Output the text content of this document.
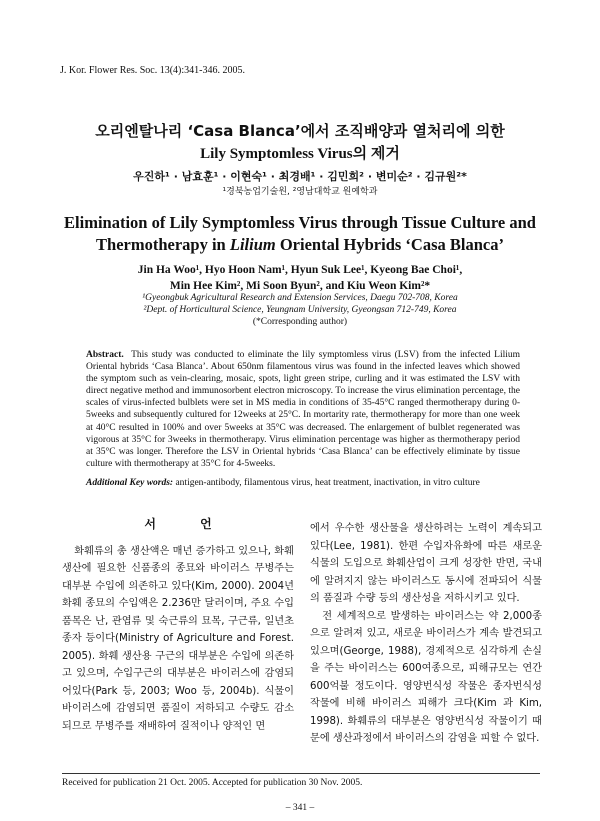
J. Kor. Flower Res. Soc. 13(4):341-346. 2005.
오리엔탈나리 ‘Casa Blanca’에서 조직배양과 열처리에 의한
Lily Symptomless Virus의 제거
우진하¹ · 남효훈¹ · 이현숙¹ · 최경배¹ · 김민희² · 변미순² · 김규원²*
¹경북농업기술원, ²영남대학교 원예학과
Elimination of Lily Symptomless Virus through Tissue Culture and
Thermotherapy in Lilium Oriental Hybrids ‘Casa Blanca’
Jin Ha Woo¹, Hyo Hoon Nam¹, Hyun Suk Lee¹, Kyeong Bae Choi¹,
Min Hee Kim², Mi Soon Byun², and Kiu Weon Kim²*
¹Gyeongbuk Agricultural Research and Extension Services, Daegu 702-708, Korea
²Dept. of Horticultural Science, Yeungnam University, Gyeongsan 712-749, Korea
(*Corresponding author)
Abstract. This study was conducted to eliminate the lily symptomless virus (LSV) from the infected Lilium Oriental hybrids ‘Casa Blanca’. About 650nm filamentous virus was found in the infected leaves which showed the symptom such as vein-clearing, mosaic, spots, light green stripe, curling and it was estimated the LSV with direct negative method and immunosorbent electron microscopy. To increase the virus elimination percentage, the scales of virus-infected bulblets were set in MS media in conditions of 35-45°C ranged thermotherapy during 0-5weeks and subsequently cultured for 12weeks at 25°C. In mortarity rate, thermotherapy for more than one week at 40°C resulted in 100% and over 5weeks at 35°C was decreased. The enlargement of bulblet regenerated was vigorous at 35°C for 3weeks in thermotherapy. Virus elimination percentage was higher as thermotherapy period at 35°C was longer. Therefore the LSV in Oriental hybrids ‘Casa Blanca’ can be effectively eliminate by tissue culture with thermotherapy at 35°C for 4-5weeks.
Additional Key words: antigen-antibody, filamentous virus, heat treatment, inactivation, in vitro culture
서 언

화훼류의 총 생산액은 매년 증가하고 있으나, 화훼 생산에 필요한 신품종의 종묘와 바이러스 무병주는 대부분 수입에 의존하고 있다(Kim, 2000). 2004년 화훼 종묘의 수입액은 2.236만 달러이며, 주요 수입품목은 난, 관엽류 및 숙근류의 묘목, 구근류, 일년초 종자 등이다(Ministry of Agriculture and Forest. 2005). 화훼 생산용 구근의 대부분은 수입에 의존하고 있으며, 수입구근의 대부분은 바이러스에 감염되어있다(Park 등, 2003; Woo 등, 2004b). 식물이 바이러스에 감염되면 품질이 저하되고 수량도 감소되므로 무병주를 재배하여 질적이나 양적인 면

에서 우수한 생산물을 생산하려는 노력이 계속되고 있다(Lee, 1981). 한편 수입자유화에 따른 새로운 식물의 도입으로 화훼산업이 크게 성장한 반면, 국내에 알려지지 않는 바이러스도 동시에 전파되어 식물의 품질과 수량 등의 생산성을 저하시키고 있다.

전 세계적으로 발생하는 바이러스는 약 2,000종으로 알려져 있고, 새로운 바이러스가 계속 발견되고 있으며(George, 1988), 경제적으로 심각하게 손실을 주는 바이러스는 600여종으로, 피해규모는 연간 600억불 정도이다. 영양번식성 작물은 종자번식성 작물에 비해 바이러스 피해가 크다(Kim 과 Kim, 1998). 화훼류의 대부분은 영양번식성 작물이기 때문에 생산과정에서 바이러스의 감염을 피할 수 없다.

Received for publication 21 Oct. 2005. Accepted for publication 30 Nov. 2005.
– 341 –
